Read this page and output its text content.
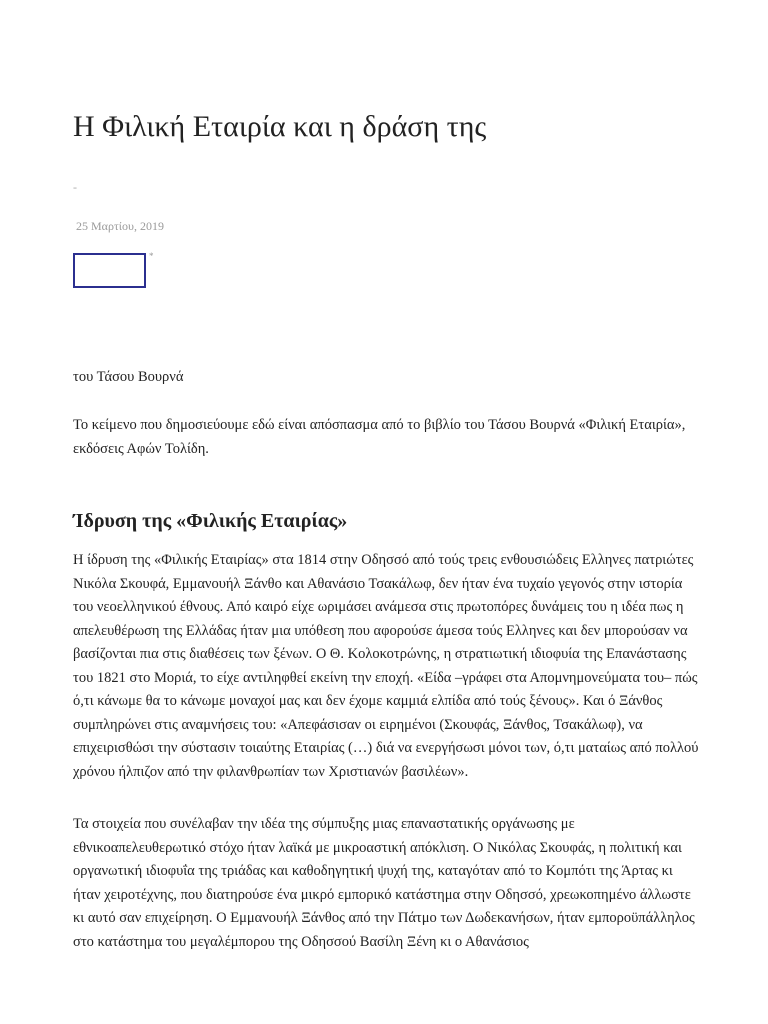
Η Φιλική Εταιρία και η δράση της
-
25 Μαρτίου, 2019
*
του Τάσου Βουρνά

Το κείμενο που δημοσιεύουμε εδώ είναι απόσπασμα από το βιβλίο του Τάσου Βουρνά «Φιλική Εταιρία», εκδόσεις Αφών Τολίδη.

Ίδρυση της «Φιλικής Εταιρίας»

Η ίδρυση της «Φιλικής Εταιρίας» στα 1814 στην Οδησσό από τούς τρεις ενθουσιώδεις Ελληνες πατριώτες Νικόλα Σκουφά, Εμμανουήλ Ξάνθο και Αθανάσιο Τσακάλωφ, δεν ήταν ένα τυχαίο γεγονός στην ιστορία του νεοελληνικού έθνους. Από καιρό είχε ωριμάσει ανάμεσα στις πρωτοπόρες δυνάμεις του η ιδέα πως η απελευθέρωση της Ελλάδας ήταν μια υπόθεση που αφορούσε άμεσα τούς Ελληνες και δεν μπορούσαν να βασίζονται πια στις διαθέσεις των ξένων. Ο Θ. Κολοκοτρώνης, η στρατιωτική ιδιοφυία της Επανάστασης του 1821 στο Μοριά, το είχε αντιληφθεί εκείνη την εποχή. «Είδα –γράφει στα Απομνημονεύματα του– πώς ό,τι κάνωμε θα το κάνωμε μοναχοί μας και δεν έχομε καμμιά ελπίδα από τούς ξένους». Και ό Ξάνθος συμπληρώνει στις αναμνήσεις του: «Απεφάσισαν οι ειρημένοι (Σκουφάς, Ξάνθος, Τσακάλωφ), να επιχειρισθώσι την σύστασιν τοιαύτης Εταιρίας (…) διά να ενεργήσωσι μόνοι των, ό,τι ματαίως από πολλού χρόνου ήλπιζον από την φιλανθρωπίαν των Χριστιανών βασιλέων».

Τα στοιχεία που συνέλαβαν την ιδέα της σύμπυξης μιας επαναστατικής οργάνωσης με εθνικοαπελευθερωτικό στόχο ήταν λαϊκά με μικροαστική απόκλιση. Ο Νικόλας Σκουφάς, η πολιτική και οργανωτική ιδιοφυΐα της τριάδας και καθοδηγητική ψυχή της, καταγόταν από το Κομπότι της Άρτας κι ήταν χειροτέχνης, που διατηρούσε ένα μικρό εμπορικό κατάστημα στην Οδησσό, χρεωκοπημένο άλλωστε κι αυτό σαν επιχείρηση. Ο Εμμανουήλ Ξάνθος από την Πάτμο των Δωδεκανήσων, ήταν εμποροϋπάλληλος στο κατάστημα του μεγαλέμπορου της Οδησσού Βασίλη Ξένη κι ο Αθανάσιος
